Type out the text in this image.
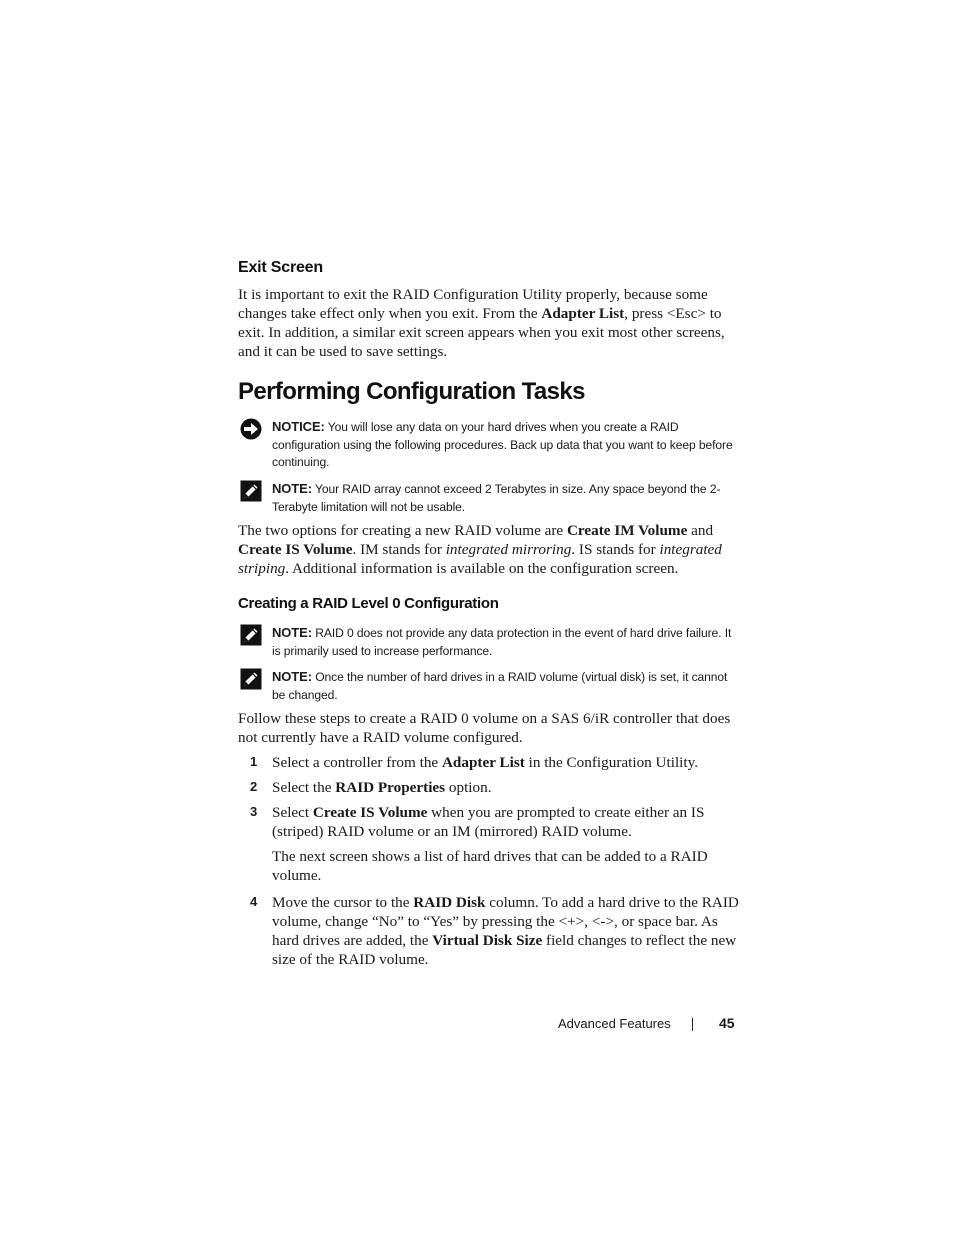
Exit Screen

It is important to exit the RAID Configuration Utility properly, because some changes take effect only when you exit. From the Adapter List, press <Esc> to exit. In addition, a similar exit screen appears when you exit most other screens, and it can be used to save settings.

Performing Configuration Tasks
NOTICE: You will lose any data on your hard drives when you create a RAID configuration using the following procedures. Back up data that you want to keep before continuing.
NOTE: Your RAID array cannot exceed 2 Terabytes in size. Any space beyond the 2-Terabyte limitation will not be usable.

The two options for creating a new RAID volume are Create IM Volume and Create IS Volume. IM stands for integrated mirroring. IS stands for integrated striping. Additional information is available on the configuration screen.

Creating a RAID Level 0 Configuration
NOTE: RAID 0 does not provide any data protection in the event of hard drive failure. It is primarily used to increase performance.
NOTE: Once the number of hard drives in a RAID volume (virtual disk) is set, it cannot be changed.

Follow these steps to create a RAID 0 volume on a SAS 6/iR controller that does not currently have a RAID volume configured.

1 Select a controller from the Adapter List in the Configuration Utility.
2 Select the RAID Properties option.
3 Select Create IS Volume when you are prompted to create either an IS (striped) RAID volume or an IM (mirrored) RAID volume.
The next screen shows a list of hard drives that can be added to a RAID volume.
4 Move the cursor to the RAID Disk column. To add a hard drive to the RAID volume, change “No” to “Yes” by pressing the <+>, <->, or space bar. As hard drives are added, the Virtual Disk Size field changes to reflect the new size of the RAID volume.
Advanced Features	45
